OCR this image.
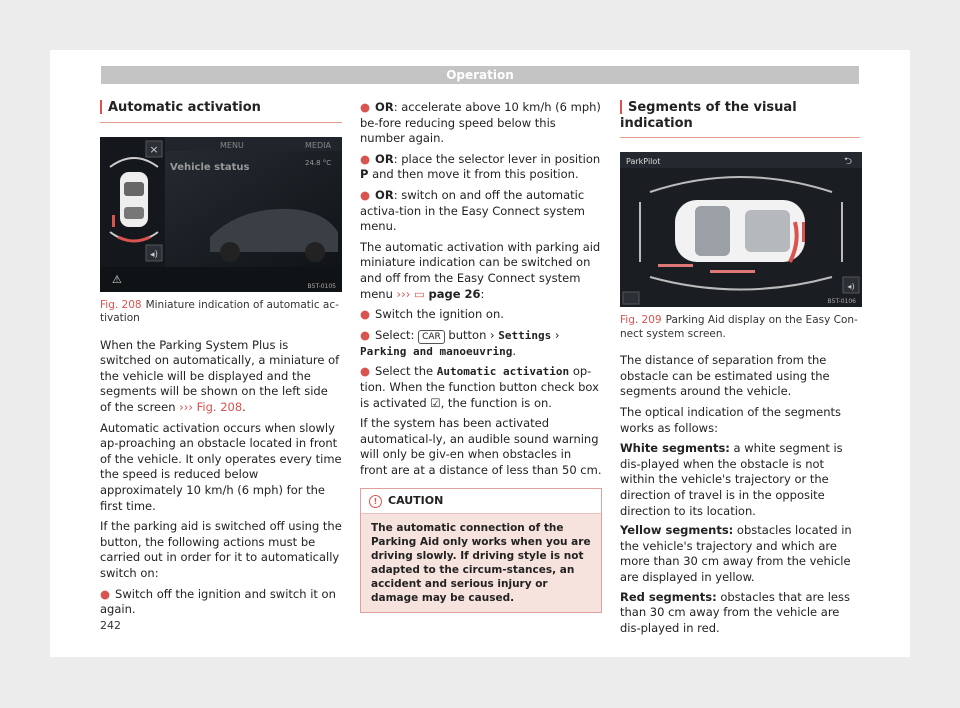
Operation
Automatic activation
×
◂)
⚠
MENU	MEDIA
Vehicle status	24.8 °C
B5T-0105
Fig. 208 Miniature indication of automatic ac-tivation

When the Parking System Plus is switched on automatically, a miniature of the vehicle will be displayed and the segments will be shown on the left side of the screen ››› Fig. 208.

Automatic activation occurs when slowly ap-proaching an obstacle located in front of the vehicle. It only operates every time the speed is reduced below approximately 10 km/h (6 mph) for the first time.

If the parking aid is switched off using the button, the following actions must be carried out in order for it to automatically switch on:

● Switch off the ignition and switch it on again.

● OR: accelerate above 10 km/h (6 mph) be-fore reducing speed below this number again.

● OR: place the selector lever in position P and then move it from this position.

● OR: switch on and off the automatic activa-tion in the Easy Connect system menu.

The automatic activation with parking aid miniature indication can be switched on and off from the Easy Connect system menu ››› ▭ page 26:

● Switch the ignition on.

● Select: CAR button › Settings › Parking and manoeuvring.

● Select the Automatic activation op-tion. When the function button check box is activated ☑, the function is on.

If the system has been activated automatical-ly, an audible sound warning will only be giv-en when obstacles in front are at a distance of less than 50 cm.

! CAUTION
The automatic connection of the Parking Aid only works when you are driving slowly. If driving style is not adapted to the circum-stances, an accident and serious injury or damage may be caused.
Segments of the visual indication
ParkPilot	⮌
◂)
B5T-0106
Fig. 209 Parking Aid display on the Easy Con-nect system screen.

The distance of separation from the obstacle can be estimated using the segments around the vehicle.

The optical indication of the segments works as follows:

White segments: a white segment is dis-played when the obstacle is not within the vehicle's trajectory or the direction of travel is in the opposite direction to its location.
Yellow segments: obstacles located in the vehicle's trajectory and which are more than 30 cm away from the vehicle are displayed in yellow.
Red segments: obstacles that are less than 30 cm away from the vehicle are dis-played in red.
242
